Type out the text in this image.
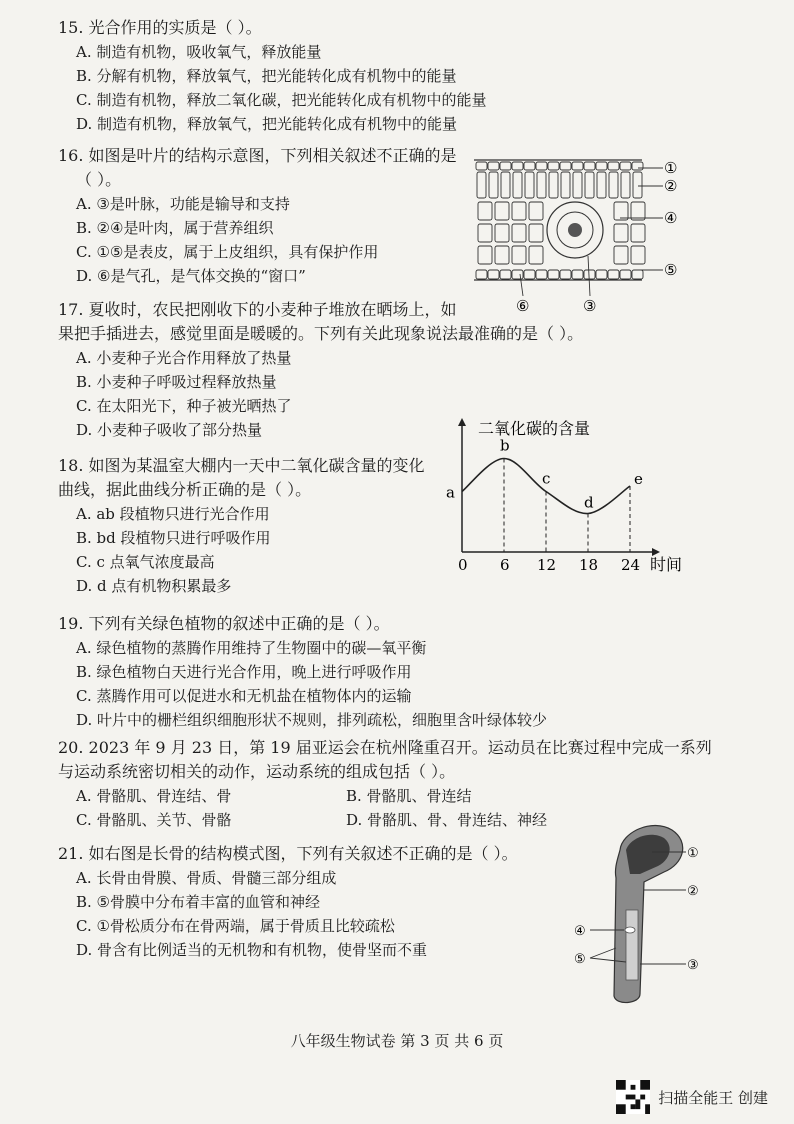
15. 光合作用的实质是（ ）。
A. 制造有机物，吸收氧气，释放能量
B. 分解有机物，释放氧气，把光能转化成有机物中的能量
C. 制造有机物，释放二氧化碳，把光能转化成有机物中的能量
D. 制造有机物，释放氧气，把光能转化成有机物中的能量
16. 如图是叶片的结构示意图，下列相关叙述不正确的是
（ ）。
A. ③是叶脉，功能是输导和支持
B. ②④是叶肉，属于营养组织
C. ①⑤是表皮，属于上皮组织，具有保护作用
D. ⑥是气孔，是气体交换的“窗口”
①
②
④
⑤
⑥	③
17. 夏收时，农民把刚收下的小麦种子堆放在晒场上，如
果把手插进去，感觉里面是暖暖的。下列有关此现象说法最准确的是（ ）。
A. 小麦种子光合作用释放了热量
B. 小麦种子呼吸过程释放热量
C. 在太阳光下，种子被光晒热了
D. 小麦种子吸收了部分热量
18. 如图为某温室大棚内一天中二氧化碳含量的变化
曲线，据此曲线分析正确的是（ ）。
A. ab 段植物只进行光合作用
B. bd 段植物只进行呼吸作用
C. c 点氧气浓度最高
D. d 点有机物积累最多
二氧化碳的含量
a
0
b
6
c
12
d
18
e
24 时间
19. 下列有关绿色植物的叙述中正确的是（ ）。
A. 绿色植物的蒸腾作用维持了生物圈中的碳—氧平衡
B. 绿色植物白天进行光合作用，晚上进行呼吸作用
C. 蒸腾作用可以促进水和无机盐在植物体内的运输
D. 叶片中的栅栏组织细胞形状不规则，排列疏松，细胞里含叶绿体较少
20. 2023 年 9 月 23 日，第 19 届亚运会在杭州隆重召开。运动员在比赛过程中完成一系列
与运动系统密切相关的动作，运动系统的组成包括（ ）。
A. 骨骼肌、骨连结、骨	B. 骨骼肌、骨连结
C. 骨骼肌、关节、骨骼	D. 骨骼肌、骨、骨连结、神经
21. 如右图是长骨的结构模式图，下列有关叙述不正确的是（ ）。
A. 长骨由骨膜、骨质、骨髓三部分组成
B. ⑤骨膜中分布着丰富的血管和神经
C. ①骨松质分布在骨两端，属于骨质且比较疏松
D. 骨含有比例适当的无机物和有机物，使骨坚而不重
①
②
④
⑤	③
八年级生物试卷 第 3 页 共 6 页
扫描全能王 创建
